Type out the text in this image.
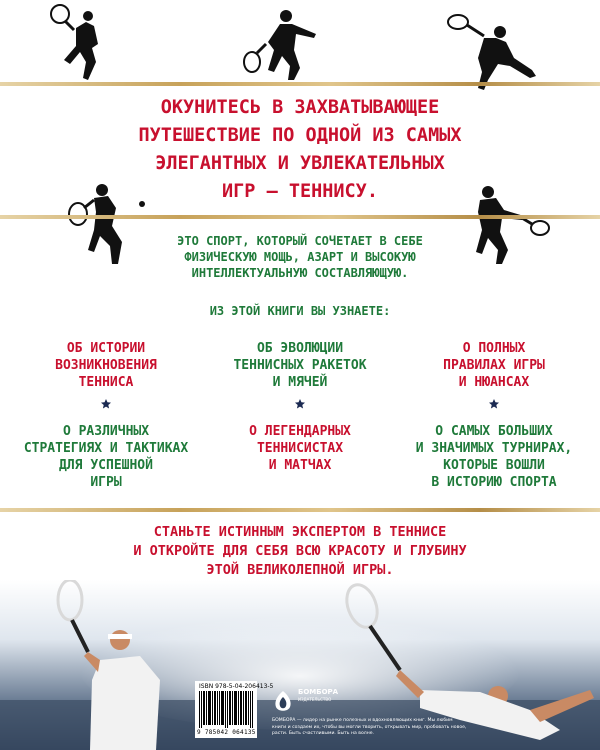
ОКУНИТЕСЬ В ЗАХВАТЫВАЮЩЕЕ
ПУТЕШЕСТВИЕ ПО ОДНОЙ ИЗ САМЫХ
ЭЛЕГАНТНЫХ И УВЛЕКАТЕЛЬНЫХ
ИГР – ТЕННИСУ.

ЭТО СПОРТ, КОТОРЫЙ СОЧЕТАЕТ В СЕБЕ
ФИЗИЧЕСКУЮ МОЩЬ, АЗАРТ И ВЫСОКУЮ
ИНТЕЛЛЕКТУАЛЬНУЮ СОСТАВЛЯЮЩУЮ.

ИЗ ЭТОЙ КНИГИ ВЫ УЗНАЕТЕ:

ОБ ИСТОРИИ
ВОЗНИКНОВЕНИЯ
ТЕННИСА

ОБ ЭВОЛЮЦИИ
ТЕННИСНЫХ РАКЕТОК
И МЯЧЕЙ

О ПОЛНЫХ
ПРАВИЛАХ ИГРЫ
И НЮАНСАХ

О РАЗЛИЧНЫХ
СТРАТЕГИЯХ И ТАКТИКАХ
ДЛЯ УСПЕШНОЙ
ИГРЫ

О ЛЕГЕНДАРНЫХ
ТЕННИСИСТАХ
И МАТЧАХ

О САМЫХ БОЛЬШИХ
И ЗНАЧИМЫХ ТУРНИРАХ,
КОТОРЫЕ ВОШЛИ
В ИСТОРИЮ СПОРТА

СТАНЬТЕ ИСТИННЫМ ЭКСПЕРТОМ В ТЕННИСЕ
И ОТКРОЙТЕ ДЛЯ СЕБЯ ВСЮ КРАСОТУ И ГЛУБИНУ
ЭТОЙ ВЕЛИКОЛЕПНОЙ ИГРЫ.

ISBN 978-5-04-206413-5
9 785042 064135
БОМБОРА
ИЗДАТЕЛЬСТВО

БОМБОРА — лидер на рынке полезных и вдохновляющих книг. Мы любим книги и создаем их, чтобы вы могли творить, открывать мир, пробовать новое, расти. Быть счастливыми. Быть на волне.
